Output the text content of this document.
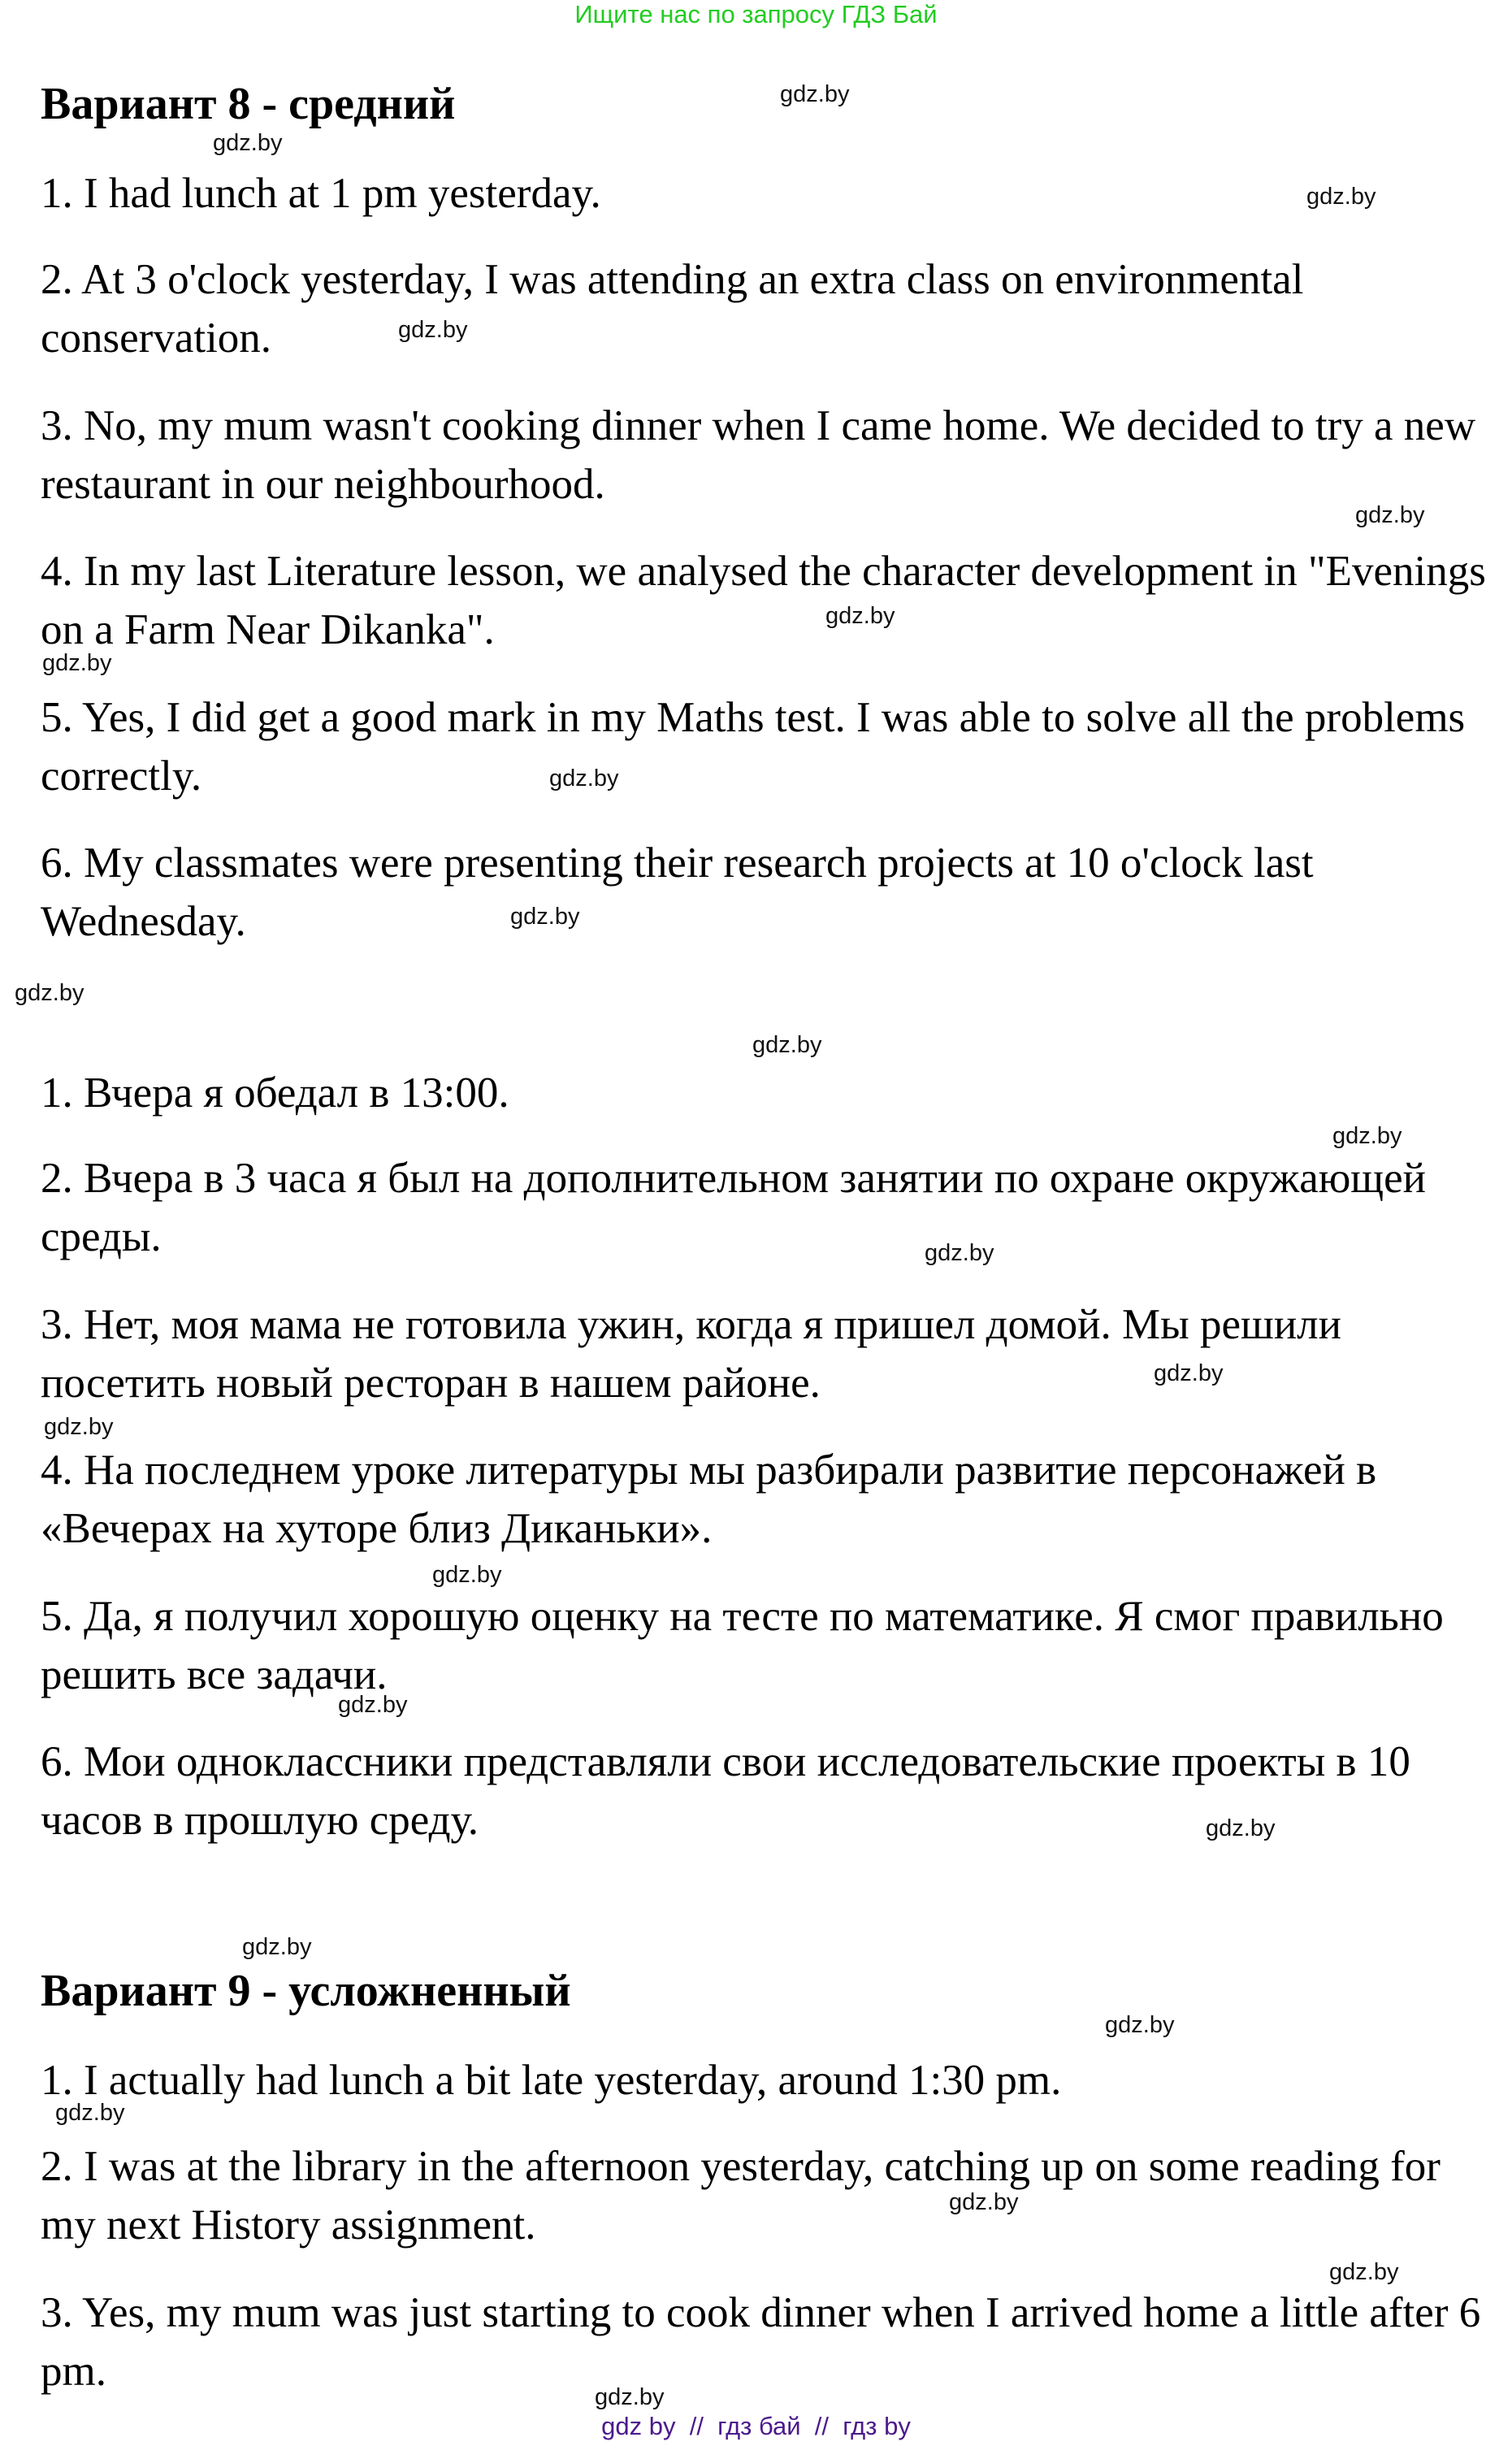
Ищите нас по запросу ГДЗ Бай
Вариант 8 - средний
1. I had lunch at 1 pm yesterday.
2. At 3 o'clock yesterday, I was attending an extra class on environmental conservation.
3. No, my mum wasn't cooking dinner when I came home. We decided to try a new restaurant in our neighbourhood.
4. In my last Literature lesson, we analysed the character development in "Evenings on a Farm Near Dikanka".
5. Yes, I did get a good mark in my Maths test. I was able to solve all the problems correctly.
6. My classmates were presenting their research projects at 10 o'clock last Wednesday.
1. Вчера я обедал в 13:00.
2. Вчера в 3 часа я был на дополнительном занятии по охране окружающей среды.
3. Нет, моя мама не готовила ужин, когда я пришел домой. Мы решили посетить новый ресторан в нашем районе.
4. На последнем уроке литературы мы разбирали развитие персонажей в «Вечерах на хуторе близ Диканьки».
5. Да, я получил хорошую оценку на тесте по математике. Я смог правильно решить все задачи.
6. Мои одноклассники представляли свои исследовательские проекты в 10 часов в прошлую среду.
Вариант 9 - усложненный
1. I actually had lunch a bit late yesterday, around 1:30 pm.
2. I was at the library in the afternoon yesterday, catching up on some reading for my next History assignment.
3. Yes, my mum was just starting to cook dinner when I arrived home a little after 6 pm.
gdz.by
gdz.by
gdz.by
gdz.by
gdz.by
gdz.by
gdz.by
gdz.by
gdz.by
gdz.by
gdz.by
gdz.by
gdz.by
gdz.by
gdz.by
gdz.by
gdz.by
gdz.by
gdz.by
gdz.by
gdz.by
gdz.by
gdz.by
gdz.by
gdz by  //  гдз бай  //  гдз by
